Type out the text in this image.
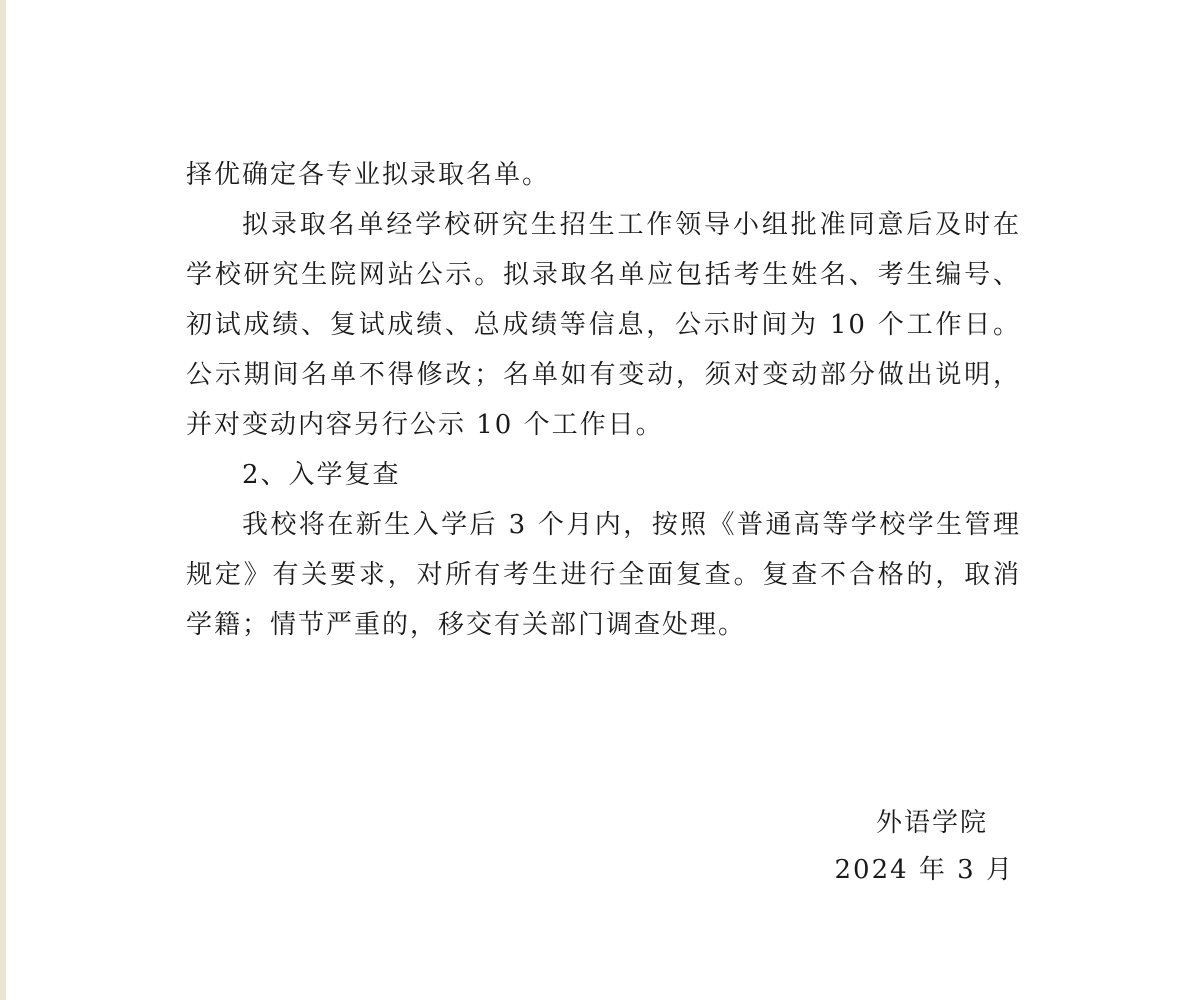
择优确定各专业拟录取名单。

拟录取名单经学校研究生招生工作领导小组批准同意后及时在学校研究生院网站公示。拟录取名单应包括考生姓名、考生编号、初试成绩、复试成绩、总成绩等信息，公示时间为 10 个工作日。公示期间名单不得修改；名单如有变动，须对变动部分做出说明，并对变动内容另行公示 10 个工作日。

2、入学复查

我校将在新生入学后 3 个月内，按照《普通高等学校学生管理规定》有关要求，对所有考生进行全面复查。复查不合格的，取消学籍；情节严重的，移交有关部门调查处理。

外语学院
2024 年 3 月
